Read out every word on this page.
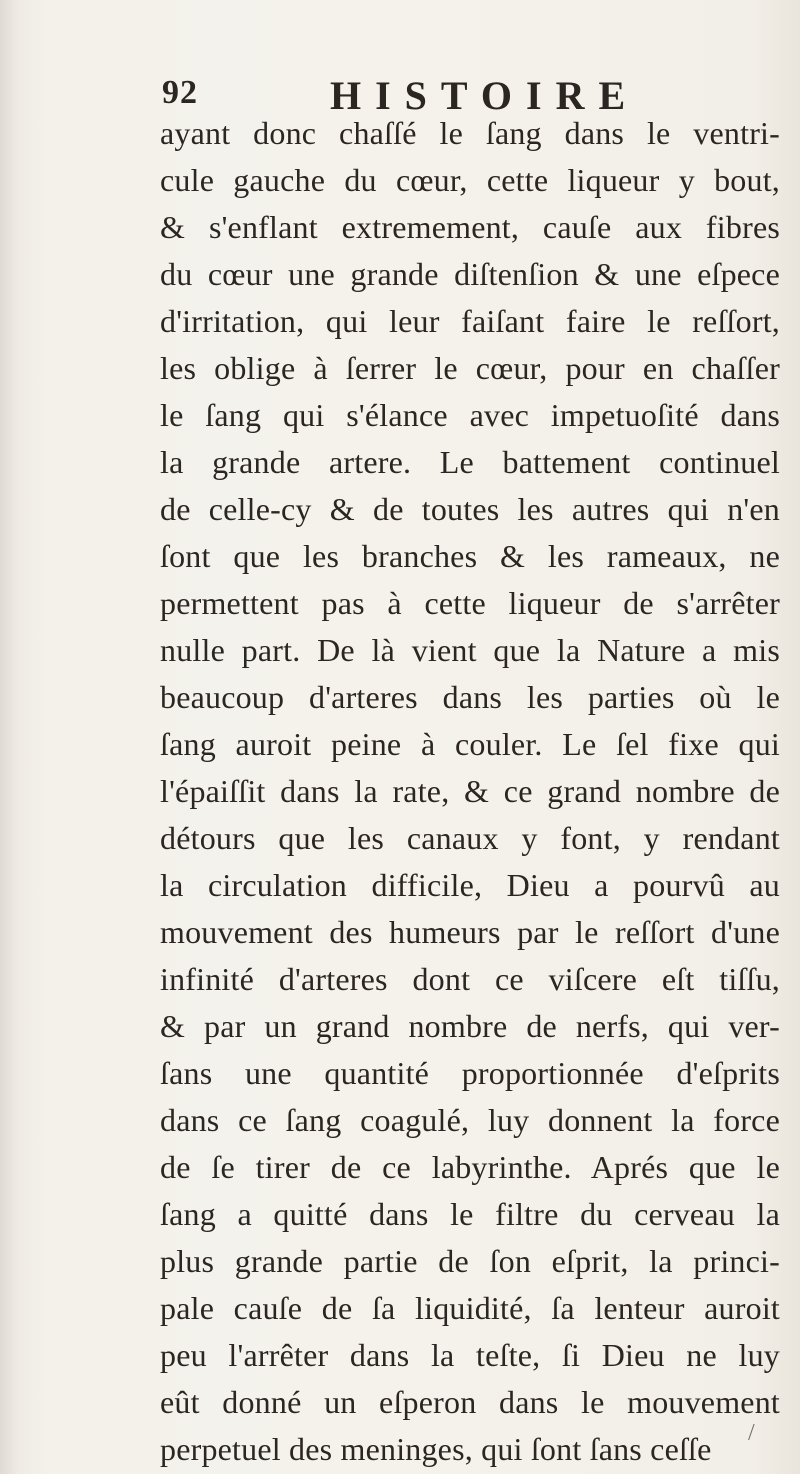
92	HISTOIRE
ayant donc chaſſé le ſang dans le ventri-
cule gauche du cœur, cette liqueur y bout,
& s'enflant extremement, cauſe aux fibres
du cœur une grande diſtenſion & une eſpece
d'irritation, qui leur faiſant faire le reſſort,
les oblige à ſerrer le cœur, pour en chaſſer
le ſang qui s'élance avec impetuoſité dans
la grande artere. Le battement continuel
de celle-cy & de toutes les autres qui n'en
ſont que les branches & les rameaux, ne
permettent pas à cette liqueur de s'arrêter
nulle part. De là vient que la Nature a mis
beaucoup d'arteres dans les parties où le
ſang auroit peine à couler. Le ſel fixe qui
l'épaiſſit dans la rate, & ce grand nombre de
détours que les canaux y font, y rendant
la circulation difficile, Dieu a pourvû au
mouvement des humeurs par le reſſort d'une
infinité d'arteres dont ce viſcere eſt tiſſu,
& par un grand nombre de nerfs, qui ver-
ſans une quantité proportionnée d'eſprits
dans ce ſang coagulé, luy donnent la force
de ſe tirer de ce labyrinthe. Aprés que le
ſang a quitté dans le filtre du cerveau la
plus grande partie de ſon eſprit, la princi-
pale cauſe de ſa liquidité, ſa lenteur auroit
peu l'arrêter dans la teſte, ſi Dieu ne luy
eût donné un eſperon dans le mouvement
perpetuel des meninges, qui ſont ſans ceſſe	/
